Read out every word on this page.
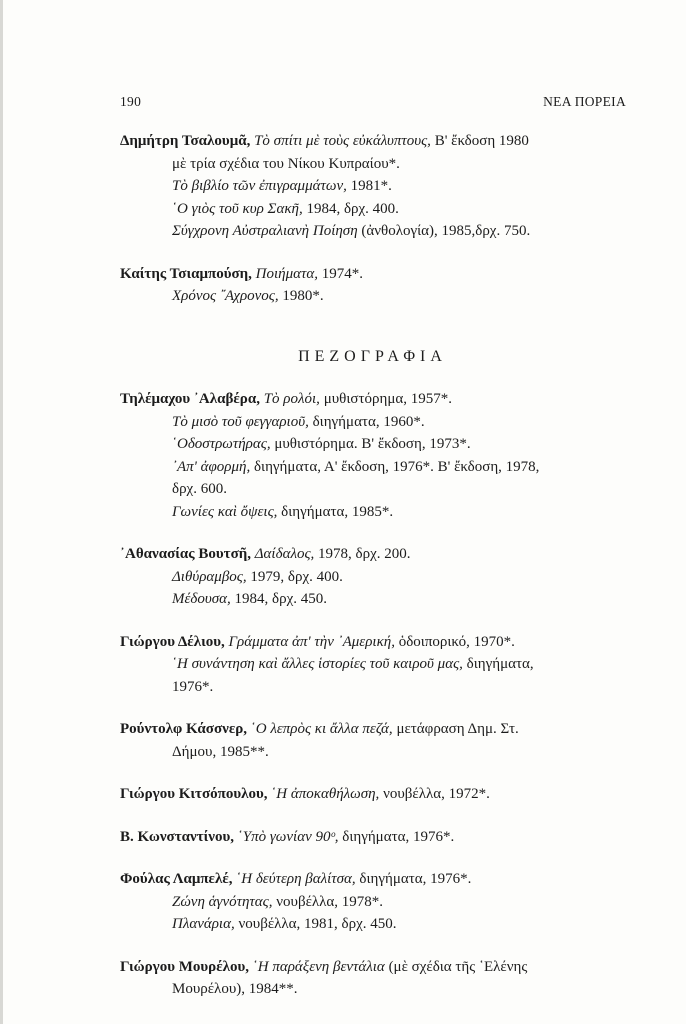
190	ΝΕΑ ΠΟΡΕΙΑ
Δημήτρη Τσαλουμᾶ, Τὸ σπίτι μὲ τοὺς εὐκάλυπτους, Β' ἔκδοση 1980
μὲ τρία σχέδια του Νίκου Κυπραίου*.
Τὸ βιβλίο τῶν ἐπιγραμμάτων, 1981*.
῾Ο γιὸς τοῦ κυρ Σακῆ, 1984, δρχ. 400.
Σύγχρονη Αὐστραλιανὴ Ποίηση (ἀνθολογία), 1985,δρχ. 750.
Καίτης Τσιαμπούση, Ποιήματα, 1974*.
Χρόνος ῎Αχρονος, 1980*.
ΠΕΖΟΓΡΑΦΙΑ
Τηλέμαχου ᾿Αλαβέρα, Τὸ ρολόι, μυθιστόρημα, 1957*.
Τὸ μισὸ τοῦ φεγγαριοῦ, διηγήματα, 1960*.
῾Οδοστρωτήρας, μυθιστόρημα. Β' ἔκδοση, 1973*.
᾿Απ' ἀφορμή, διηγήματα, Α' ἔκδοση, 1976*. Β' ἔκδοση, 1978,
δρχ. 600.
Γωνίες καὶ ὄψεις, διηγήματα, 1985*.
᾿Αθανασίας Βουτσῆ, Δαίδαλος, 1978, δρχ. 200.
Διθύραμβος, 1979, δρχ. 400.
Μέδουσα, 1984, δρχ. 450.
Γιώργου Δέλιου, Γράμματα ἀπ' τὴν ᾿Αμερική, ὁδοιπορικό, 1970*.
῾Η συνάντηση καὶ ἄλλες ἱστορίες τοῦ καιροῦ μας, διηγήματα,
1976*.
Ρούντολφ Κάσσνερ, ῾Ο λεπρὸς κι ἄλλα πεζά, μετάφραση Δημ. Στ.
Δήμου, 1985**.
Γιώργου Κιτσόπουλου, ῾Η ἀποκαθήλωση, νουβέλλα, 1972*.
Β. Κωνσταντίνου, ῾Υπὸ γωνίαν 90ᵒ, διηγήματα, 1976*.
Φούλας Λαμπελέ, ῾Η δεύτερη βαλίτσα, διηγήματα, 1976*.
Ζώνη ἁγνότητας, νουβέλλα, 1978*.
Πλανάρια, νουβέλλα, 1981, δρχ. 450.
Γιώργου Μουρέλου, ῾Η παράξενη βεντάλια (μὲ σχέδια τῆς ῾Ελένης
Μουρέλου), 1984**.
